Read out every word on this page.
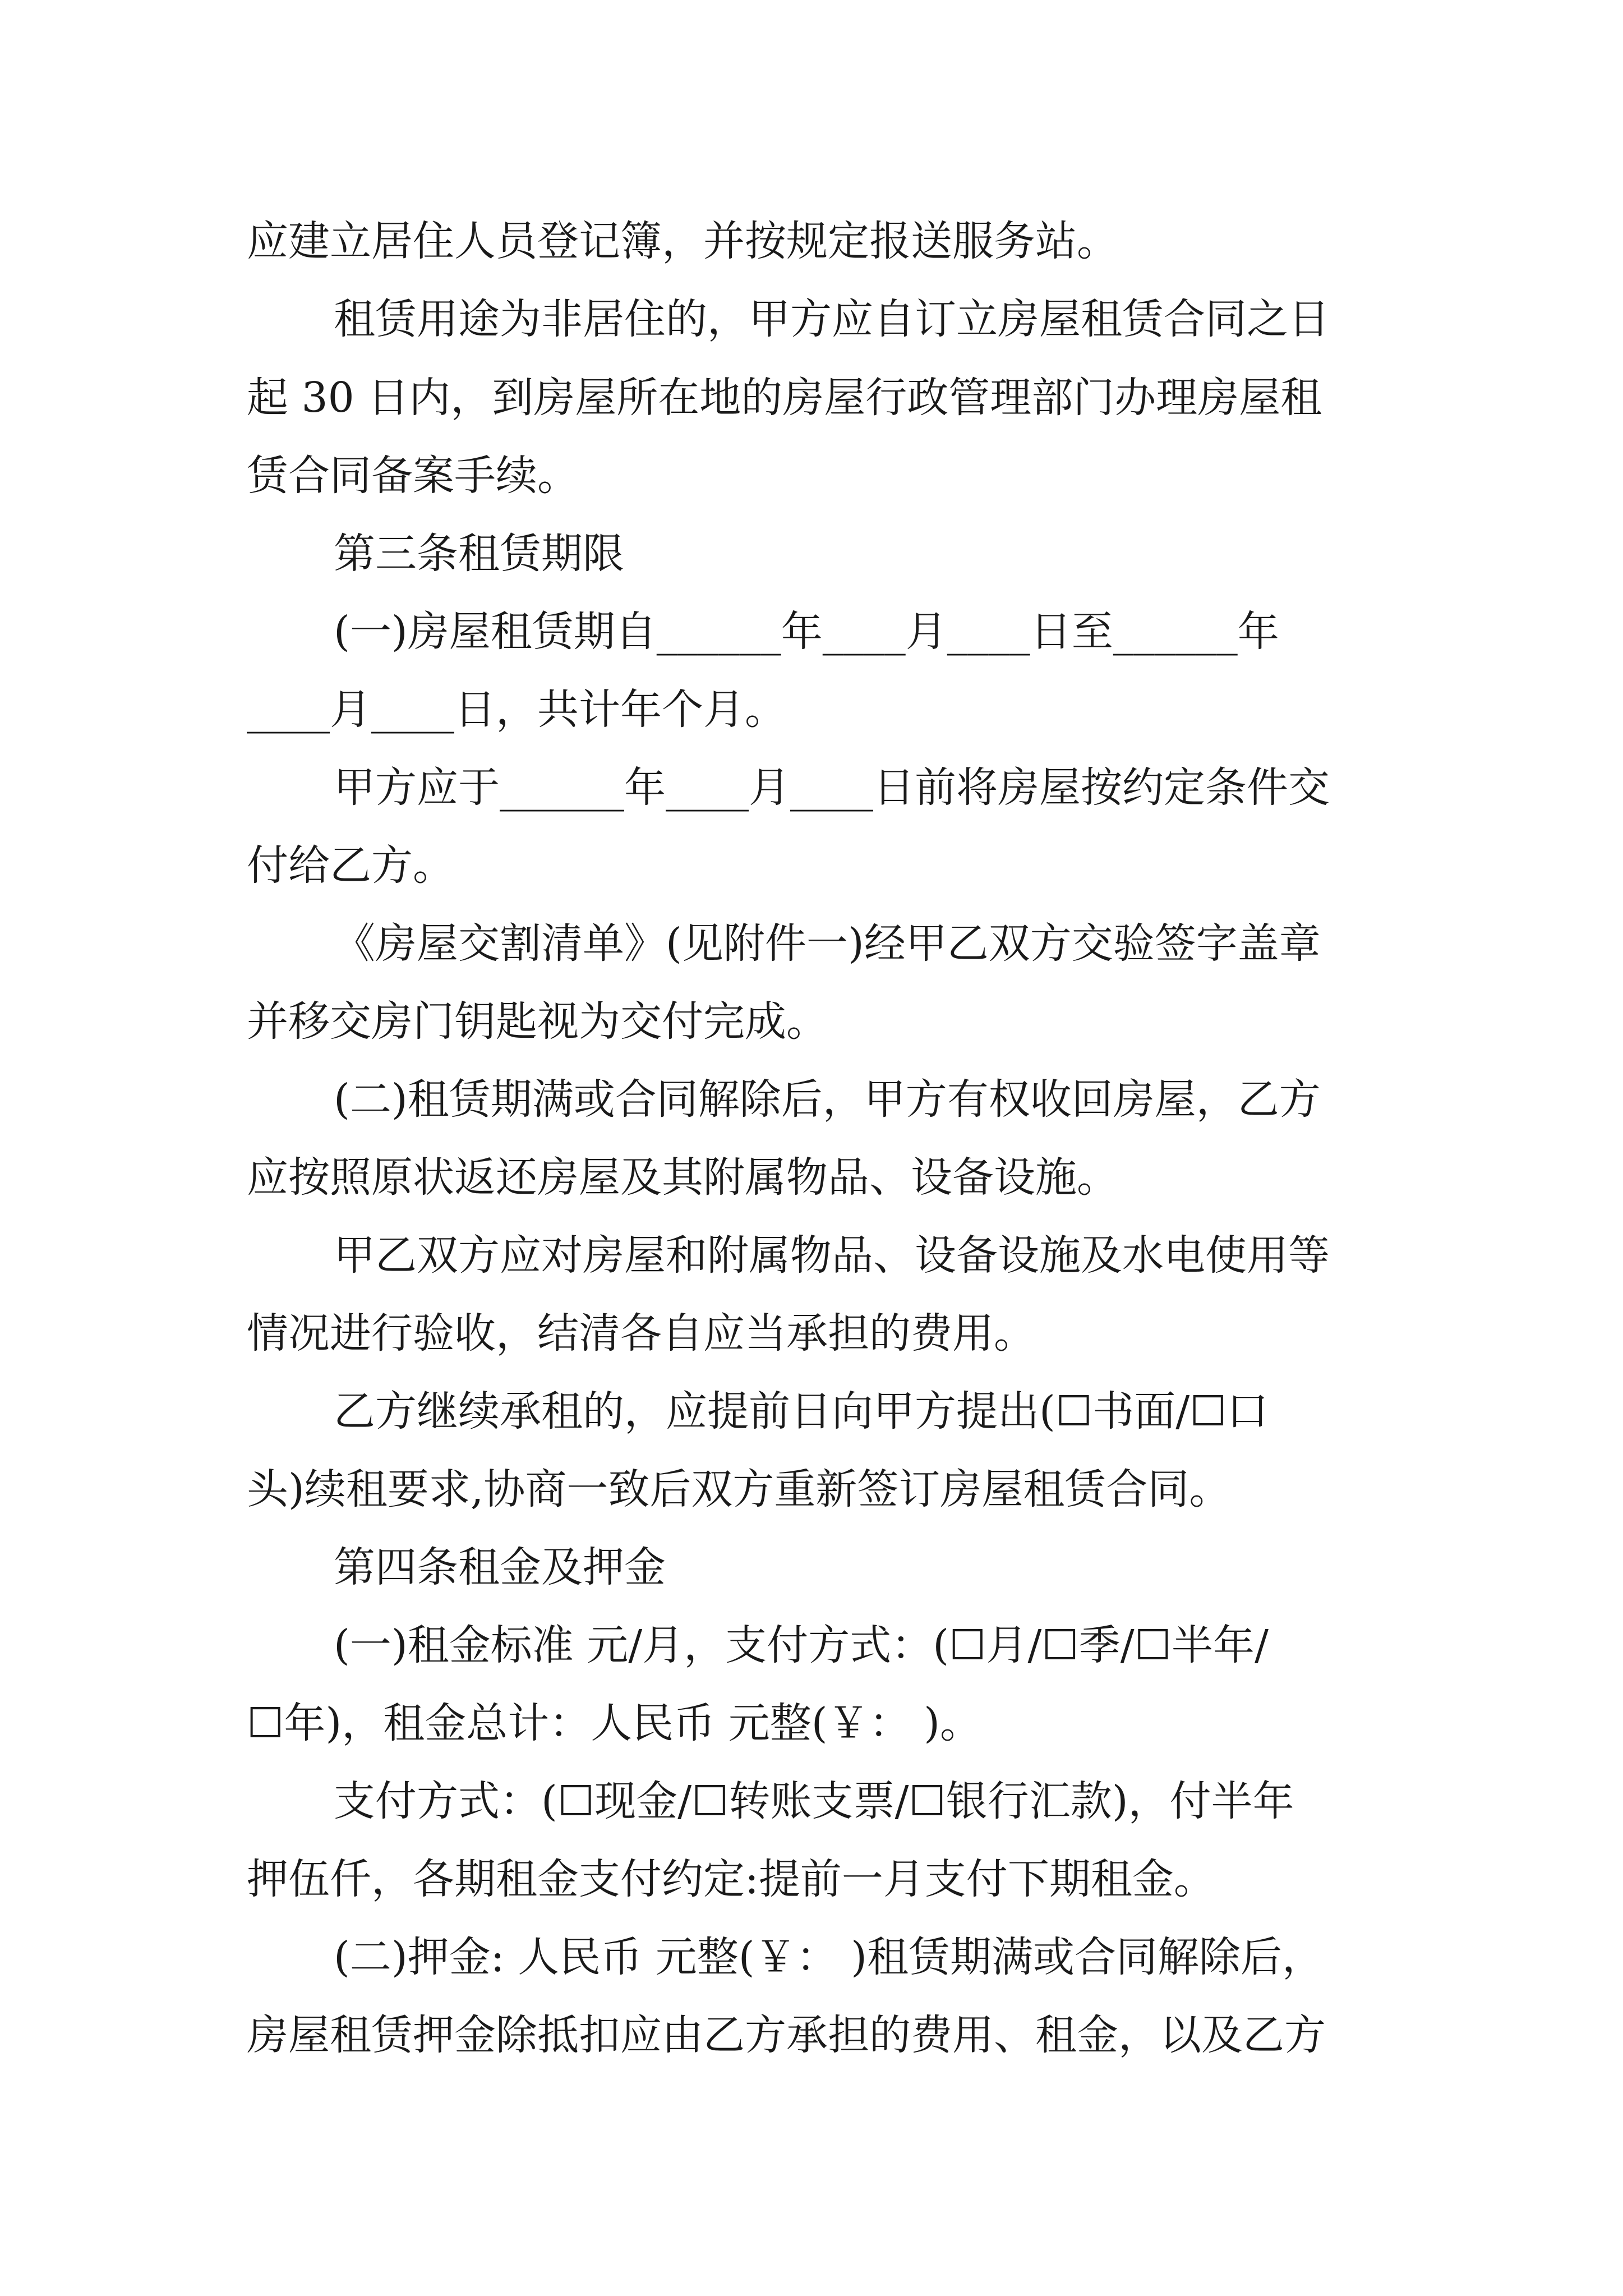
应建立居住人员登记簿，并按规定报送服务站。
租赁用途为非居住的，甲方应自订立房屋租赁合同之日
起 30 日内，到房屋所在地的房屋行政管理部门办理房屋租
赁合同备案手续。
第三条租赁期限
(一)房屋租赁期自______年____月____日至______年
____月____日，共计年个月。
甲方应于______年____月____日前将房屋按约定条件交
付给乙方。
《房屋交割清单》(见附件一)经甲乙双方交验签字盖章
并移交房门钥匙视为交付完成。
(二)租赁期满或合同解除后，甲方有权收回房屋，乙方
应按照原状返还房屋及其附属物品、设备设施。
甲乙双方应对房屋和附属物品、设备设施及水电使用等
情况进行验收，结清各自应当承担的费用。
乙方继续承租的，应提前日向甲方提出(☐书面/☐口
头)续租要求,协商一致后双方重新签订房屋租赁合同。
第四条租金及押金
(一)租金标准 元/月，支付方式：(☐月/☐季/☐半年/
☐年)，租金总计：人民币 元整(￥： )。
支付方式：(☐现金/☐转账支票/☐银行汇款)，付半年
押伍仟，各期租金支付约定:提前一月支付下期租金。
(二)押金: 人民币 元整(￥： )租赁期满或合同解除后，
房屋租赁押金除抵扣应由乙方承担的费用、租金，以及乙方
